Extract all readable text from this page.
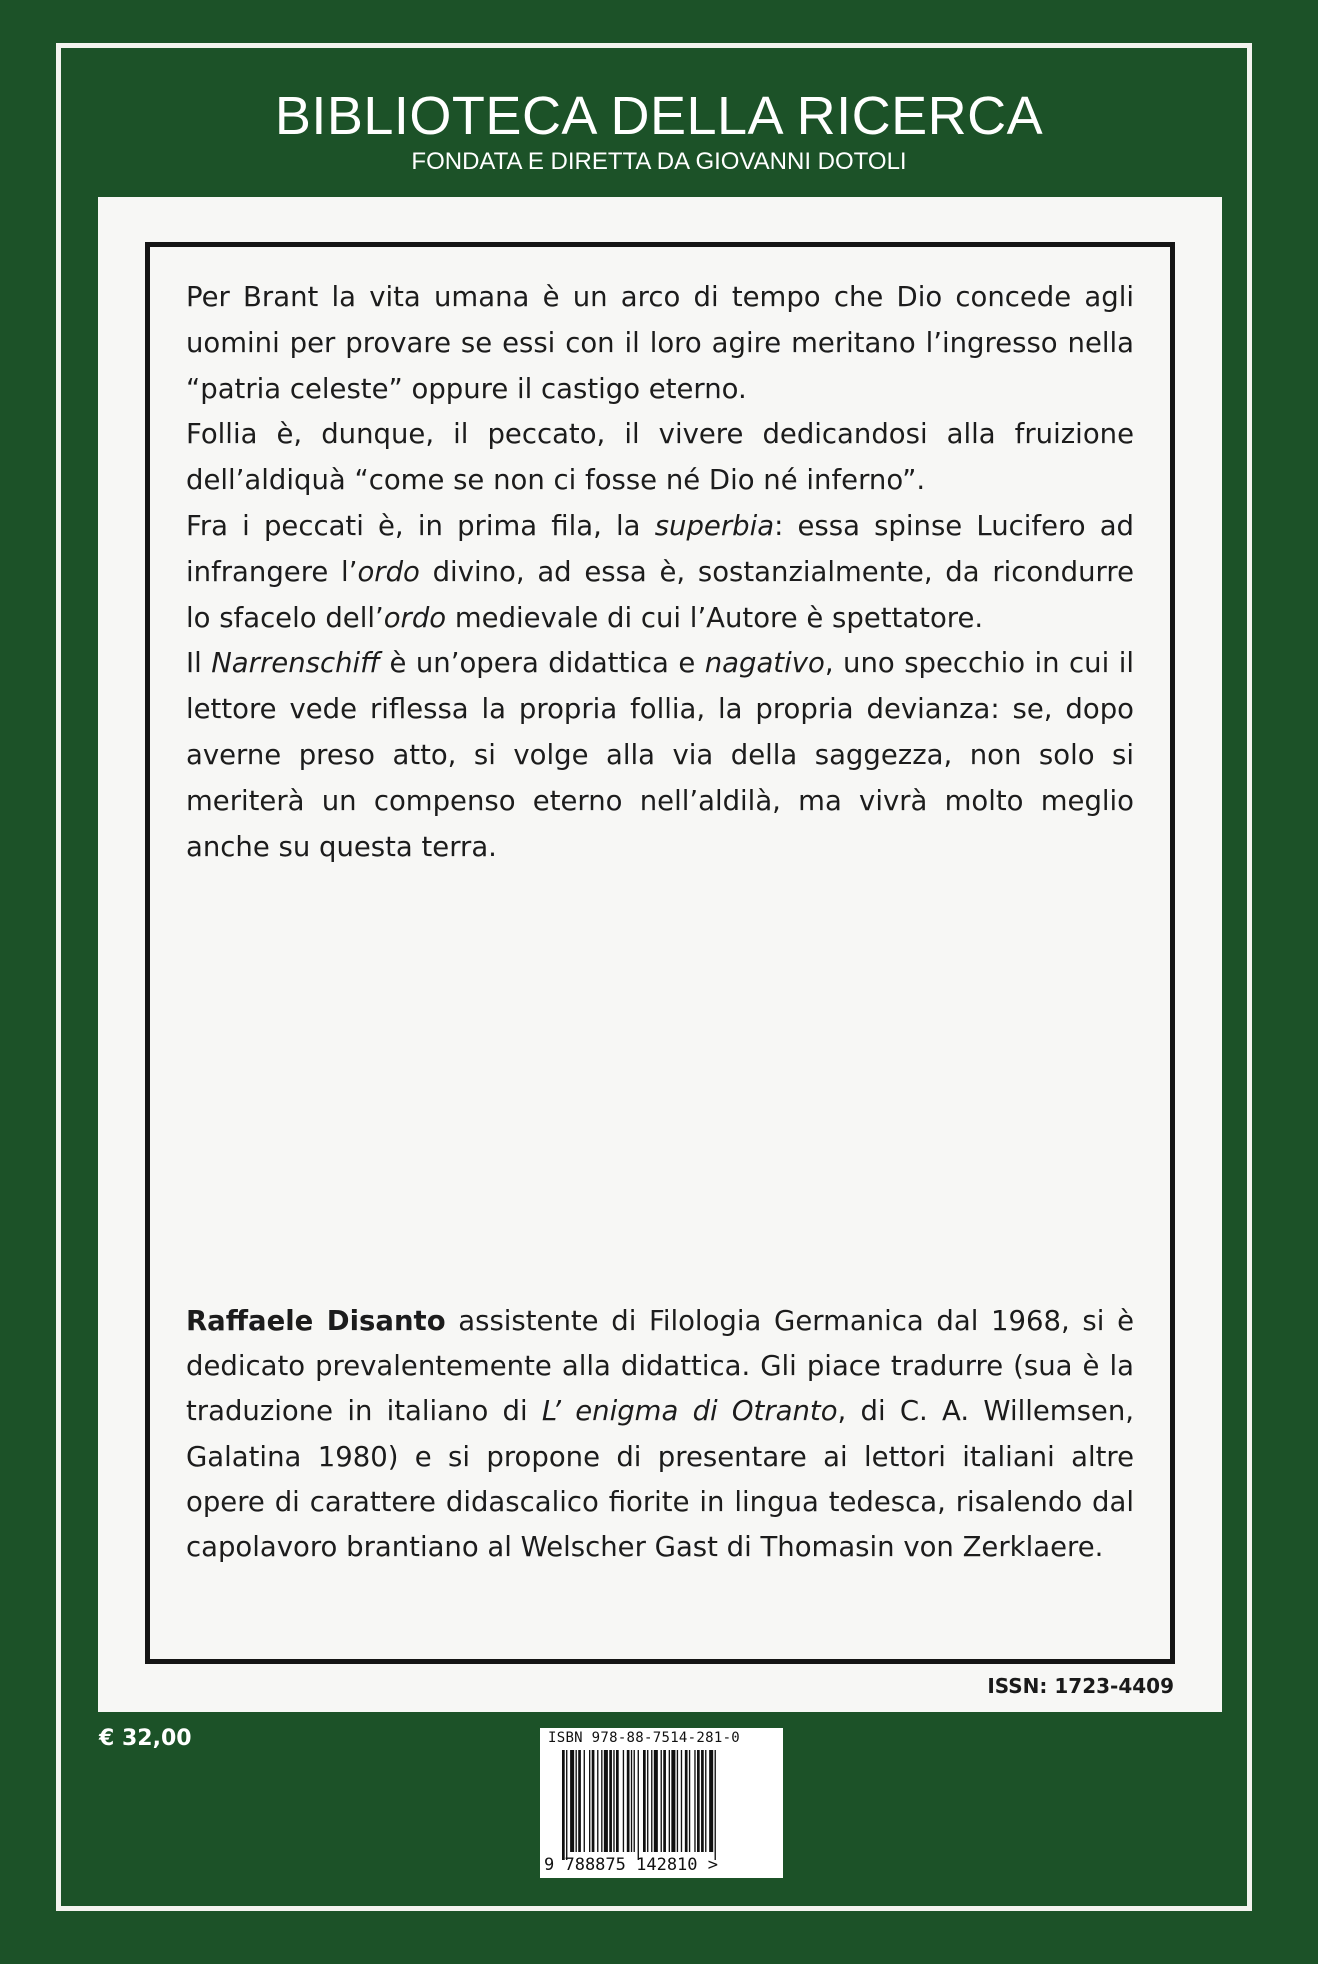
BIBLIOTECA DELLA RICERCA
FONDATA E DIRETTA DA GIOVANNI DOTOLI

Per Brant la vita umana è un arco di tempo che Dio concede agli uomini per provare se essi con il loro agire meritano l’ingresso nella “patria celeste” oppure il castigo eterno.

Follia è, dunque, il peccato, il vivere dedicandosi alla fruizione dell’aldiquà “come se non ci fosse né Dio né inferno”.

Fra i peccati è, in prima fila, la superbia: essa spinse Lucifero ad infrangere l’ordo divino, ad essa è, sostanzialmente, da ricondurre lo sfacelo dell’ordo medievale di cui l’Autore è spettatore.

Il Narrenschiff è un’opera didattica e nagativo, uno specchio in cui il lettore vede riflessa la propria follia, la propria devianza: se, dopo averne preso atto, si volge alla via della saggezza, non solo si meriterà un compenso eterno nell’aldilà, ma vivrà molto meglio anche su questa terra.

Raffaele Disanto assistente di Filologia Germanica dal 1968, si è dedicato prevalentemente alla didattica. Gli piace tradurre (sua è la traduzione in italiano di L’ enigma di Otranto, di C. A. Willemsen, Galatina 1980) e si propone di presentare ai lettori italiani altre opere di carattere didascalico fiorite in lingua tedesca, risalendo dal capolavoro brantiano al Welscher Gast di Thomasin von Zerklaere.
ISSN: 1723-4409
€ 32,00	ISBN 978-88-7514-281-0
9 788875 142810 >
